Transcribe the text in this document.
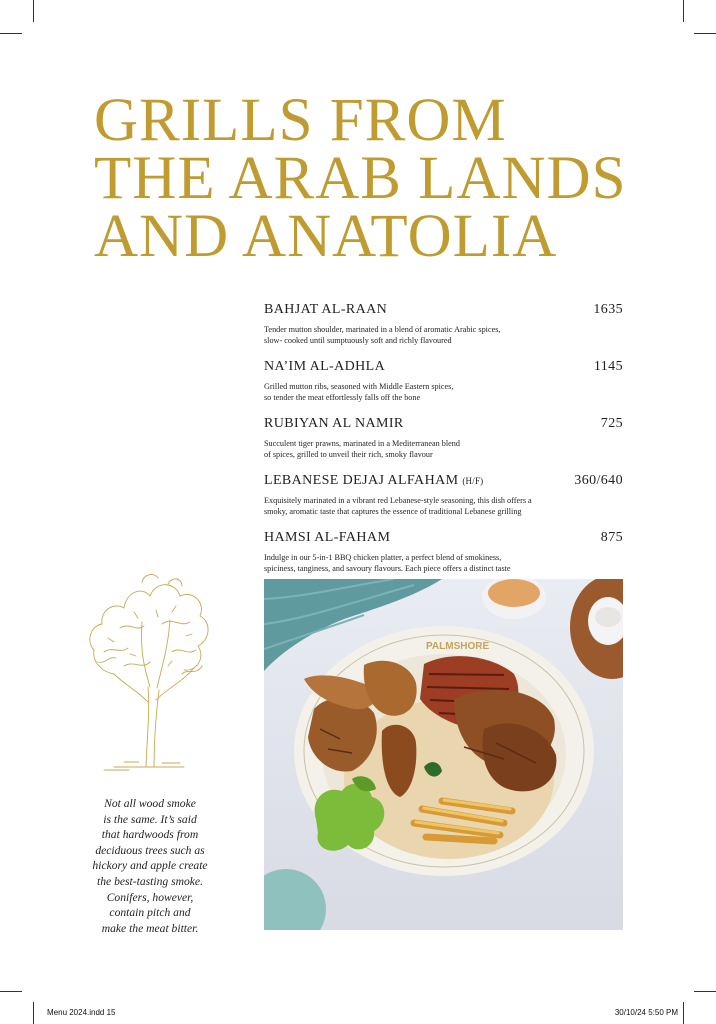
GRILLS FROM
THE ARAB LANDS
AND ANATOLIA
BAHJAT AL-RAAN	1635
Tender mutton shoulder, marinated in a blend of aromatic Arabic spices,
slow- cooked until sumptuously soft and richly flavoured
NA’IM AL-ADHLA	1145
Grilled mutton ribs, seasoned with Middle Eastern spices,
so tender the meat effortlessly falls off the bone
RUBIYAN AL NAMIR	725
Succulent tiger prawns, marinated in a Mediterranean blend
of spices, grilled to unveil their rich, smoky flavour
LEBANESE DEJAJ ALFAHAM (H/F)	360/640
Exquisitely marinated in a vibrant red Lebanese-style seasoning, this dish offers a
smoky, aromatic taste that captures the essence of traditional Lebanese grilling
HAMSI AL-FAHAM	875
Indulge in our 5-in-1 BBQ chicken platter, a perfect blend of smokiness,
spiciness, tanginess, and savoury flavours. Each piece offers a distinct taste
Not all wood smoke
is the same. It’s said
that hardwoods from
deciduous trees such as
hickory and apple create
the best-tasting smoke.
Conifers, however,
contain pitch and
make the meat bitter.
PALMSHORE
Menu 2024.indd 15	30/10/24 5:50 PM
